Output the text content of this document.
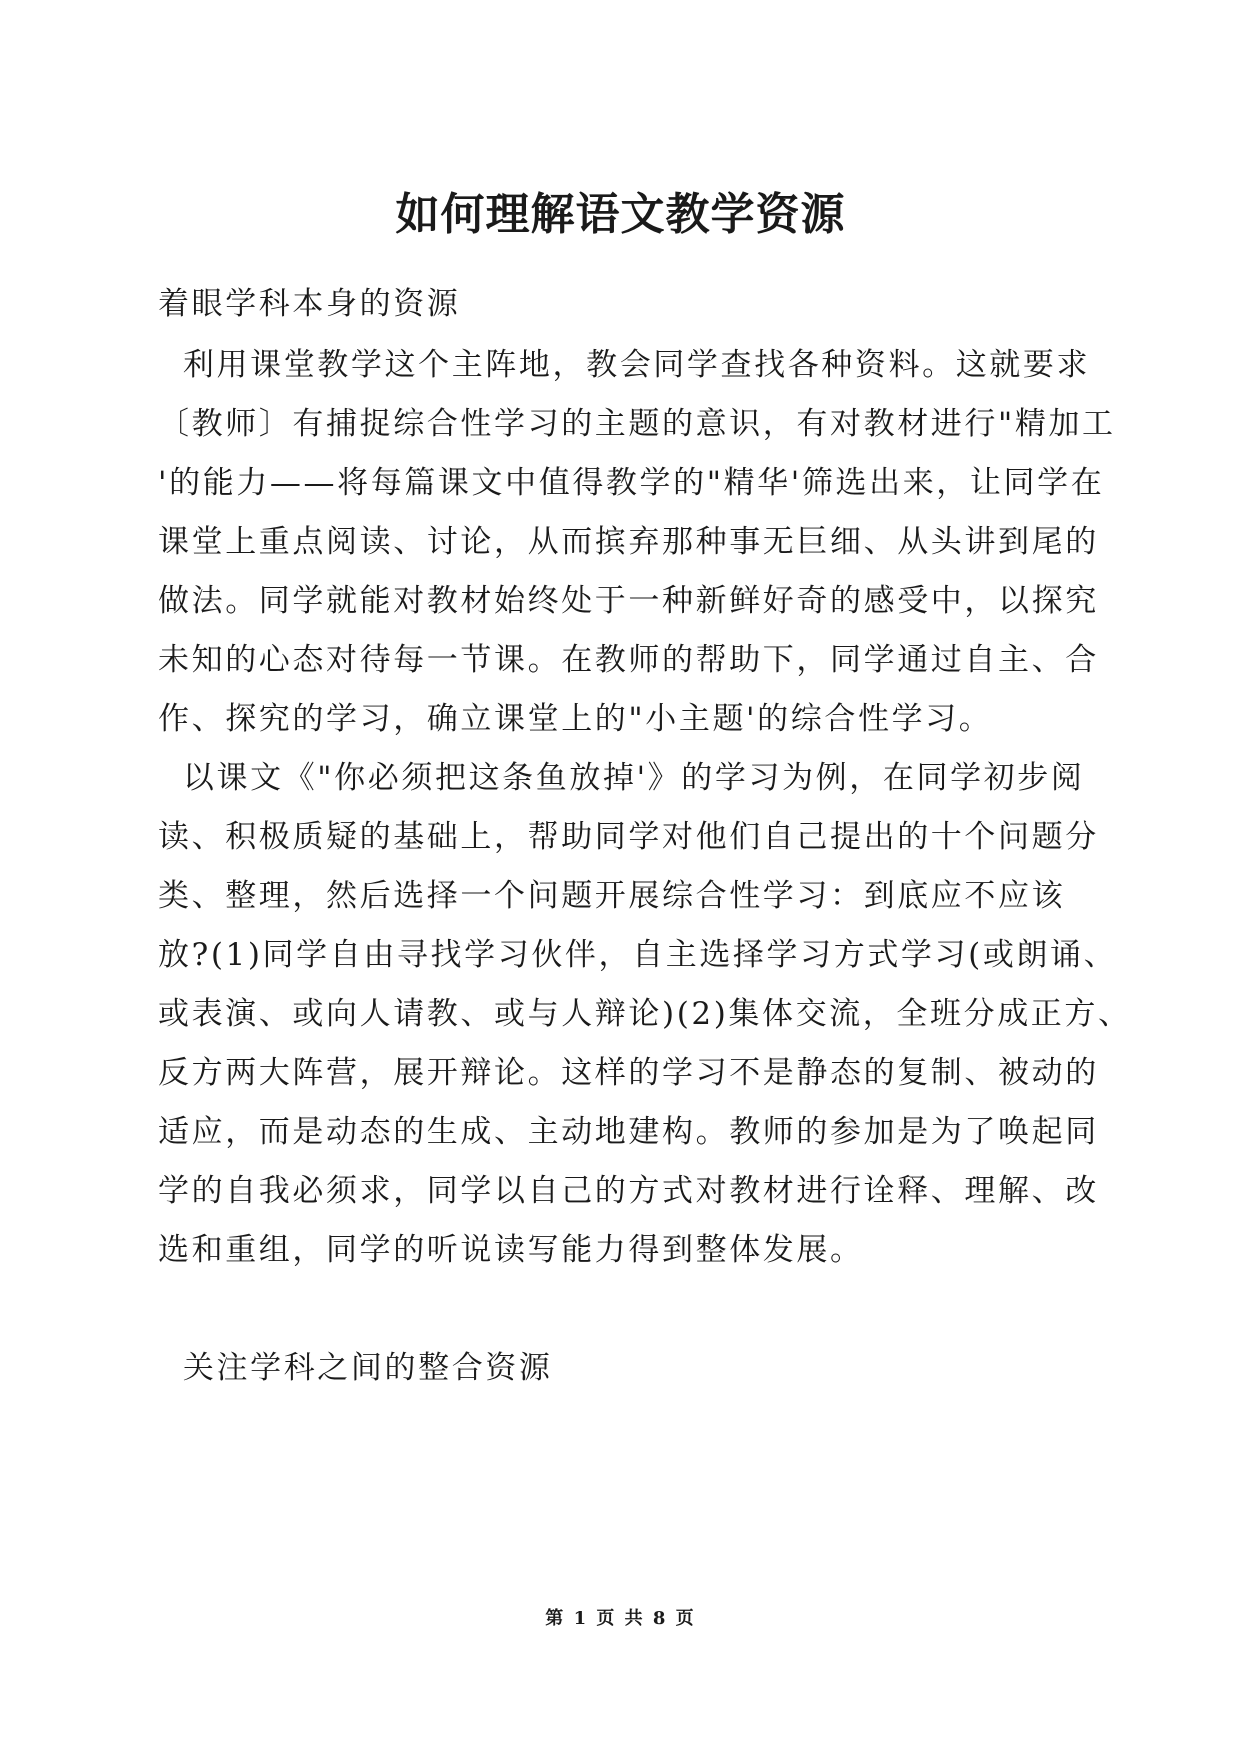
如何理解语文教学资源

着眼学科本身的资源

利用课堂教学这个主阵地，教会同学查找各种资料。这就要求

〔教师〕有捕捉综合性学习的主题的意识，有对教材进行"精加工

'的能力——将每篇课文中值得教学的"精华'筛选出来，让同学在

课堂上重点阅读、讨论，从而摈弃那种事无巨细、从头讲到尾的

做法。同学就能对教材始终处于一种新鲜好奇的感受中，以探究

未知的心态对待每一节课。在教师的帮助下，同学通过自主、合

作、探究的学习，确立课堂上的"小主题'的综合性学习。

以课文《"你必须把这条鱼放掉'》的学习为例，在同学初步阅

读、积极质疑的基础上，帮助同学对他们自己提出的十个问题分

类、整理，然后选择一个问题开展综合性学习：到底应不应该

放?(1)同学自由寻找学习伙伴，自主选择学习方式学习(或朗诵、

或表演、或向人请教、或与人辩论)(2)集体交流，全班分成正方、

反方两大阵营，展开辩论。这样的学习不是静态的复制、被动的

适应，而是动态的生成、主动地建构。教师的参加是为了唤起同

学的自我必须求，同学以自己的方式对教材进行诠释、理解、改

选和重组，同学的听说读写能力得到整体发展。

关注学科之间的整合资源

第 1 页 共 8 页
